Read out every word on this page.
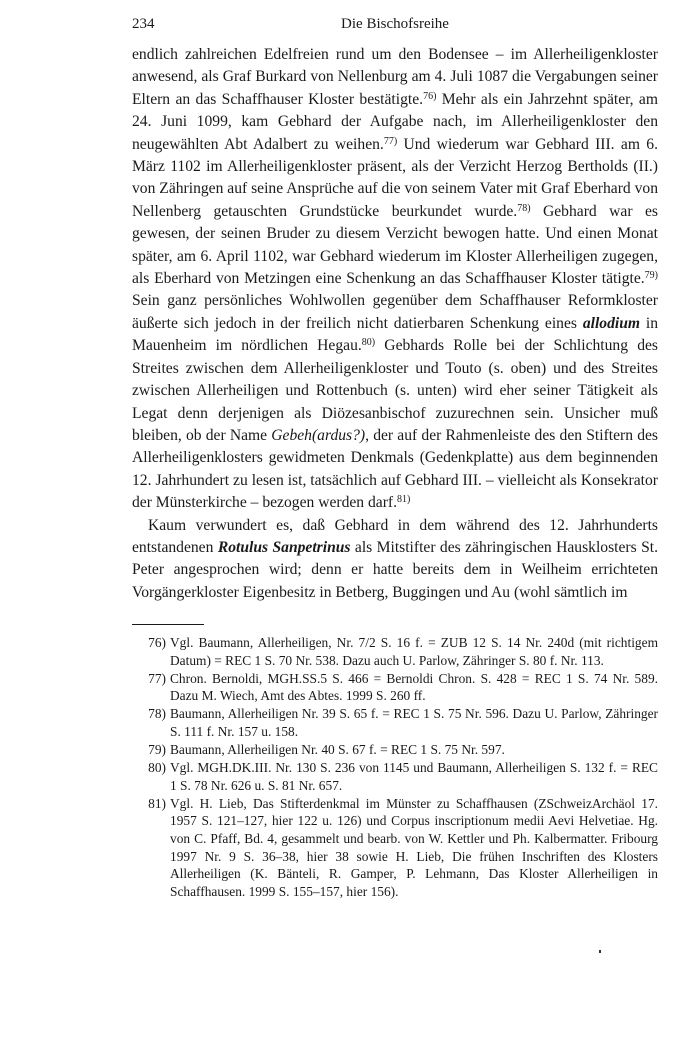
234	Die Bischofsreihe

endlich zahlreichen Edelfreien rund um den Bodensee – im Allerheiligenkloster anwesend, als Graf Burkard von Nellenburg am 4. Juli 1087 die Vergabungen seiner Eltern an das Schaffhauser Kloster bestätigte.$^{76)}$ Mehr als ein Jahrzehnt später, am 24. Juni 1099, kam Gebhard der Aufgabe nach, im Allerheiligenkloster den neugewählten Abt Adalbert zu weihen.$^{77)}$ Und wiederum war Gebhard III. am 6. März 1102 im Allerheiligenkloster präsent, als der Verzicht Herzog Bertholds (II.) von Zähringen auf seine Ansprüche auf die von seinem Vater mit Graf Eberhard von Nellenberg getauschten Grundstücke beurkundet wurde.$^{78)}$ Gebhard war es gewesen, der seinen Bruder zu diesem Verzicht bewogen hatte. Und einen Monat später, am 6. April 1102, war Gebhard wiederum im Kloster Allerheiligen zugegen, als Eberhard von Metzingen eine Schenkung an das Schaffhauser Kloster tätigte.$^{79)}$ Sein ganz persönliches Wohlwollen gegenüber dem Schaffhauser Reformkloster äußerte sich jedoch in der freilich nicht datierbaren Schenkung eines allodium in Mauenheim im nördlichen Hegau.$^{80)}$ Gebhards Rolle bei der Schlichtung des Streites zwischen dem Allerheiligenkloster und Touto (s. oben) und des Streites zwischen Allerheiligen und Rottenbuch (s. unten) wird eher seiner Tätigkeit als Legat denn derjenigen als Diözesanbischof zuzurechnen sein. Unsicher muß bleiben, ob der Name Gebeh(ardus?), der auf der Rahmenleiste des den Stiftern des Allerheiligenklosters gewidmeten Denkmals (Gedenkplatte) aus dem beginnenden 12. Jahrhundert zu lesen ist, tatsächlich auf Gebhard III. – vielleicht als Konsekrator der Münsterkirche – bezogen werden darf.$^{81)}$

Kaum verwundert es, daß Gebhard in dem während des 12. Jahrhunderts entstandenen Rotulus Sanpetrinus als Mitstifter des zähringischen Hausklosters St. Peter angesprochen wird; denn er hatte bereits dem in Weilheim errichteten Vorgängerkloster Eigenbesitz in Betberg, Buggingen und Au (wohl sämtlich im

76) Vgl. Baumann, Allerheiligen, Nr. 7/2 S. 16 f. = ZUB 12 S. 14 Nr. 240d (mit richtigem Datum) = REC 1 S. 70 Nr. 538. Dazu auch U. Parlow, Zähringer S. 80 f. Nr. 113.
77) Chron. Bernoldi, MGH.SS.5 S. 466 = Bernoldi Chron. S. 428 = REC 1 S. 74 Nr. 589. Dazu M. Wiech, Amt des Abtes. 1999 S. 260 ff.
78) Baumann, Allerheiligen Nr. 39 S. 65 f. = REC 1 S. 75 Nr. 596. Dazu U. Parlow, Zähringer S. 111 f. Nr. 157 u. 158.
79) Baumann, Allerheiligen Nr. 40 S. 67 f. = REC 1 S. 75 Nr. 597.
80) Vgl. MGH.DK.III. Nr. 130 S. 236 von 1145 und Baumann, Allerheiligen S. 132 f. = REC 1 S. 78 Nr. 626 u. S. 81 Nr. 657.
81) Vgl. H. Lieb, Das Stifterdenkmal im Münster zu Schaffhausen (ZSchweizArchäol 17. 1957 S. 121–127, hier 122 u. 126) und Corpus inscriptionum medii Aevi Helvetiae. Hg. von C. Pfaff, Bd. 4, gesammelt und bearb. von W. Kettler und Ph. Kalbermatter. Fribourg 1997 Nr. 9 S. 36–38, hier 38 sowie H. Lieb, Die frühen Inschriften des Klosters Allerheiligen (K. Bänteli, R. Gamper, P. Lehmann, Das Kloster Allerheiligen in Schaffhausen. 1999 S. 155–157, hier 156).
